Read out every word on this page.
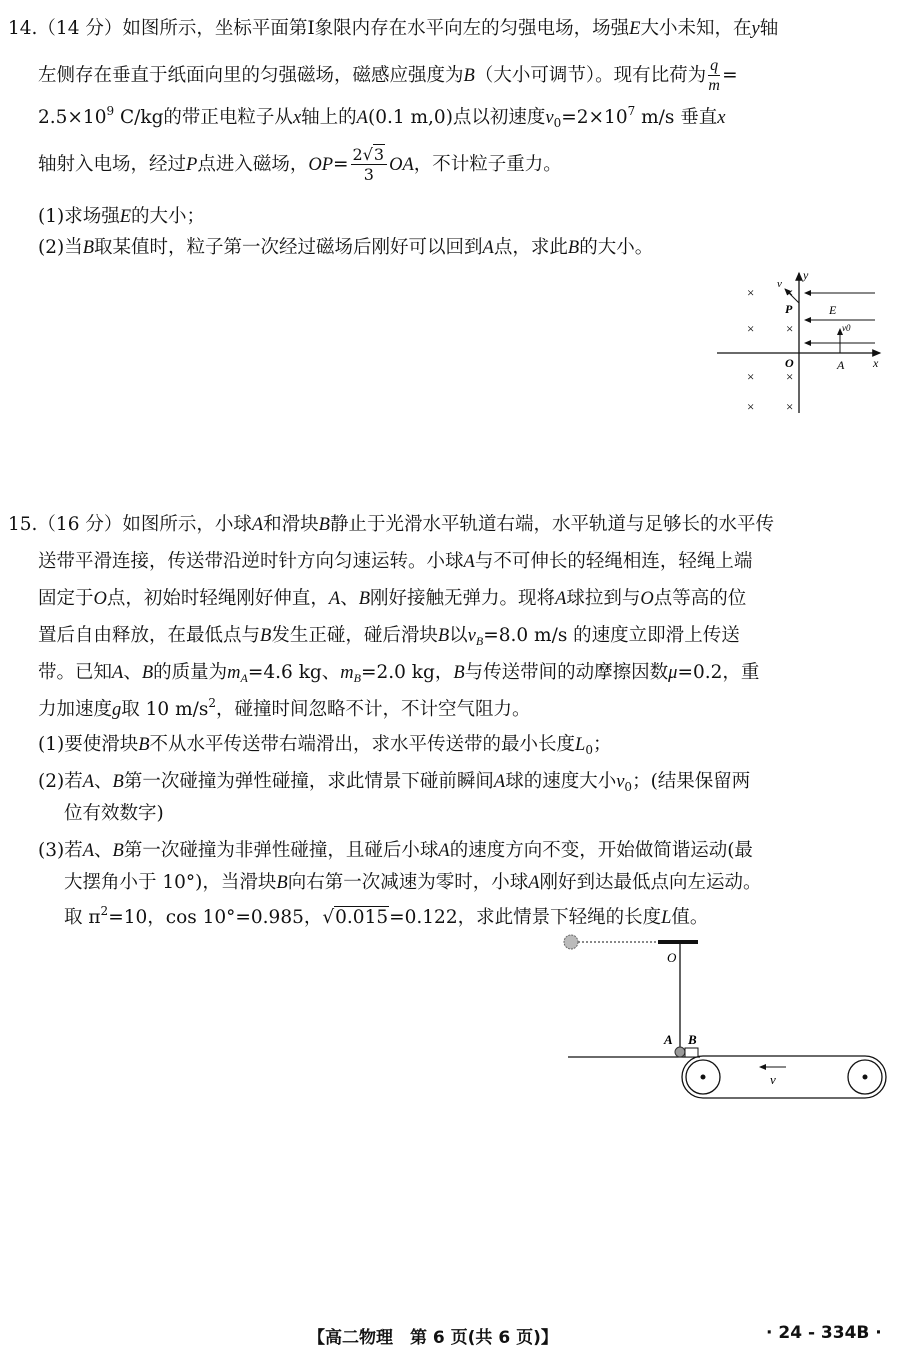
14.（14 分）如图所示，坐标平面第Ⅰ象限内存在水平向左的匀强电场，场强E大小未知，在y轴
左侧存在垂直于纸面向里的匀强磁场，磁感应强度为B（大小可调节）。现有比荷为 $\frac{q}{m}$ =
$2.5\times 10^9$ C/kg的带正电粒子从x轴上的A(0.1 m,0)点以初速度$v_0=2\times 10^7$ m/s 垂直x
轴射入电场，经过P点进入磁场，$OP= \frac{2√3}{3}$ OA，不计粒子重力。
(1)求场强E的大小；
(2)当B取某值时，粒子第一次经过磁场后刚好可以回到A点，求此B的大小。
y
x
O	A
P	E
× ×
× ×
× ×
× ×
v0
v
15.（16 分）如图所示，小球A和滑块B静止于光滑水平轨道右端，水平轨道与足够长的水平传
送带平滑连接，传送带沿逆时针方向匀速运转。小球A与不可伸长的轻绳相连，轻绳上端
固定于O点，初始时轻绳刚好伸直，A、B刚好接触无弹力。现将A球拉到与O点等高的位
置后自由释放，在最低点与B发生正碰，碰后滑块B以$v_B=8.0$ m/s 的速度立即滑上传送
带。已知A、B的质量为$m_A=4.6$ kg、$m_B=2.0$ kg，B与传送带间的动摩擦因数μ=0.2，重
力加速度g取 10 $m/s^2$，碰撞时间忽略不计，不计空气阻力。
(1)要使滑块B不从水平传送带右端滑出，求水平传送带的最小长度$L_0$；
(2)若A、B第一次碰撞为弹性碰撞，求此情景下碰前瞬间A球的速度大小$v_0$；(结果保留两
位有效数字)
(3)若A、B第一次碰撞为非弹性碰撞，且碰后小球A的速度方向不变，开始做简谐运动(最
大摆角小于 10°)，当滑块B向右第一次减速为零时，小球A刚好到达最低点向左运动。
取 $\pi^2=10$，cos 10°=0.985，√0.015=0.122，求此情景下轻绳的长度L值。
O
A B
v
【高二物理　第 6 页(共 6 页)】	· 24 - 334B ·
